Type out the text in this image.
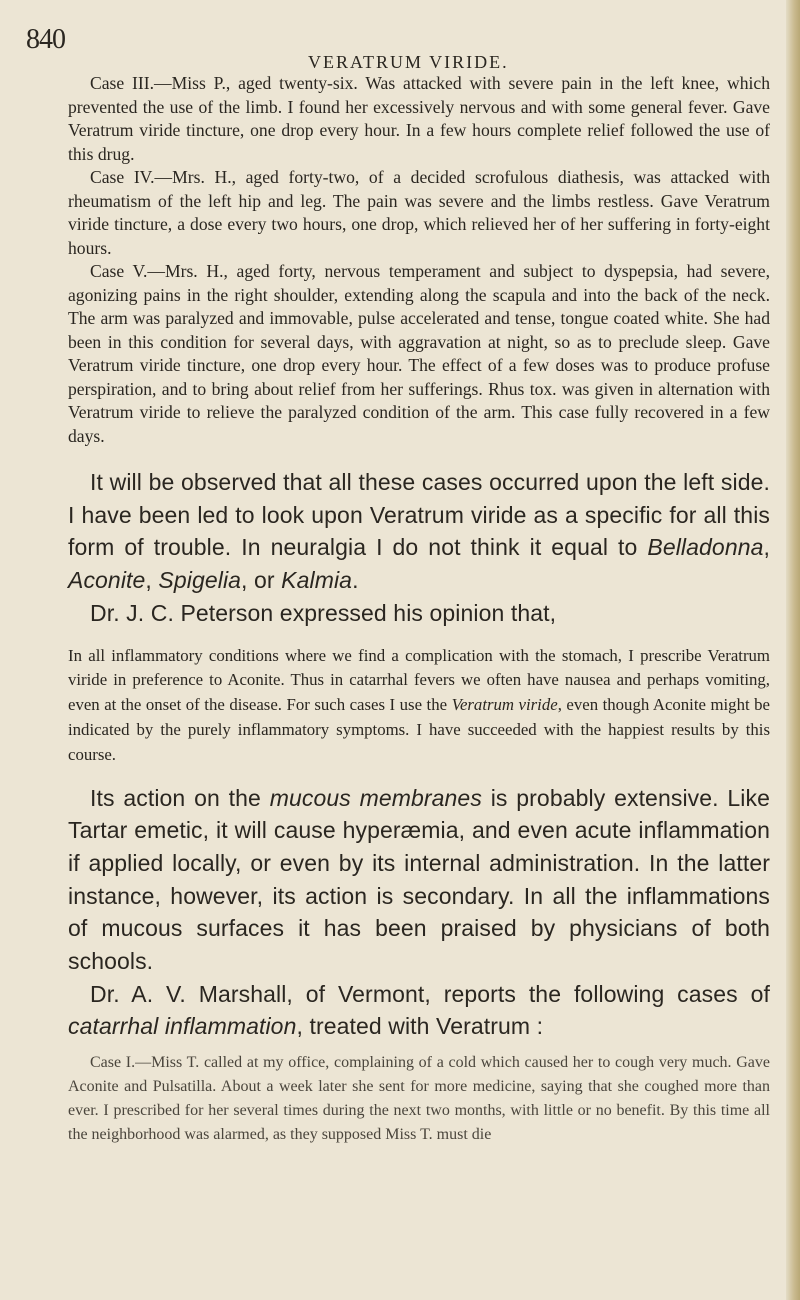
840
VERATRUM VIRIDE.

Case III.—Miss P., aged twenty-six. Was attacked with severe pain in the left knee, which prevented the use of the limb. I found her excessively nervous and with some general fever. Gave Veratrum viride tincture, one drop every hour. In a few hours complete relief followed the use of this drug.

Case IV.—Mrs. H., aged forty-two, of a decided scrofulous diathesis, was attacked with rheumatism of the left hip and leg. The pain was severe and the limbs restless. Gave Veratrum viride tincture, a dose every two hours, one drop, which relieved her of her suffering in forty-eight hours.

Case V.—Mrs. H., aged forty, nervous temperament and subject to dyspepsia, had severe, agonizing pains in the right shoulder, extending along the scapula and into the back of the neck. The arm was paralyzed and immovable, pulse accelerated and tense, tongue coated white. She had been in this condition for several days, with aggravation at night, so as to preclude sleep. Gave Veratrum viride tincture, one drop every hour. The effect of a few doses was to produce profuse perspiration, and to bring about relief from her sufferings. Rhus tox. was given in alternation with Veratrum viride to relieve the paralyzed condition of the arm. This case fully recovered in a few days.

It will be observed that all these cases occurred upon the left side. I have been led to look upon Veratrum viride as a specific for all this form of trouble. In neuralgia I do not think it equal to Belladonna, Aconite, Spigelia, or Kalmia.

Dr. J. C. Peterson expressed his opinion that,

In all inflammatory conditions where we find a complication with the stomach, I prescribe Veratrum viride in preference to Aconite. Thus in catarrhal fevers we often have nausea and perhaps vomiting, even at the onset of the disease. For such cases I use the Veratrum viride, even though Aconite might be indicated by the purely inflammatory symptoms. I have succeeded with the happiest results by this course.

Its action on the mucous membranes is probably extensive. Like Tartar emetic, it will cause hyperæmia, and even acute inflammation if applied locally, or even by its internal administration. In the latter instance, however, its action is secondary. In all the inflammations of mucous surfaces it has been praised by physicians of both schools.

Dr. A. V. Marshall, of Vermont, reports the following cases of catarrhal inflammation, treated with Veratrum :

Case I.—Miss T. called at my office, complaining of a cold which caused her to cough very much. Gave Aconite and Pulsatilla. About a week later she sent for more medicine, saying that she coughed more than ever. I prescribed for her several times during the next two months, with little or no benefit. By this time all the neighborhood was alarmed, as they supposed Miss T. must die
